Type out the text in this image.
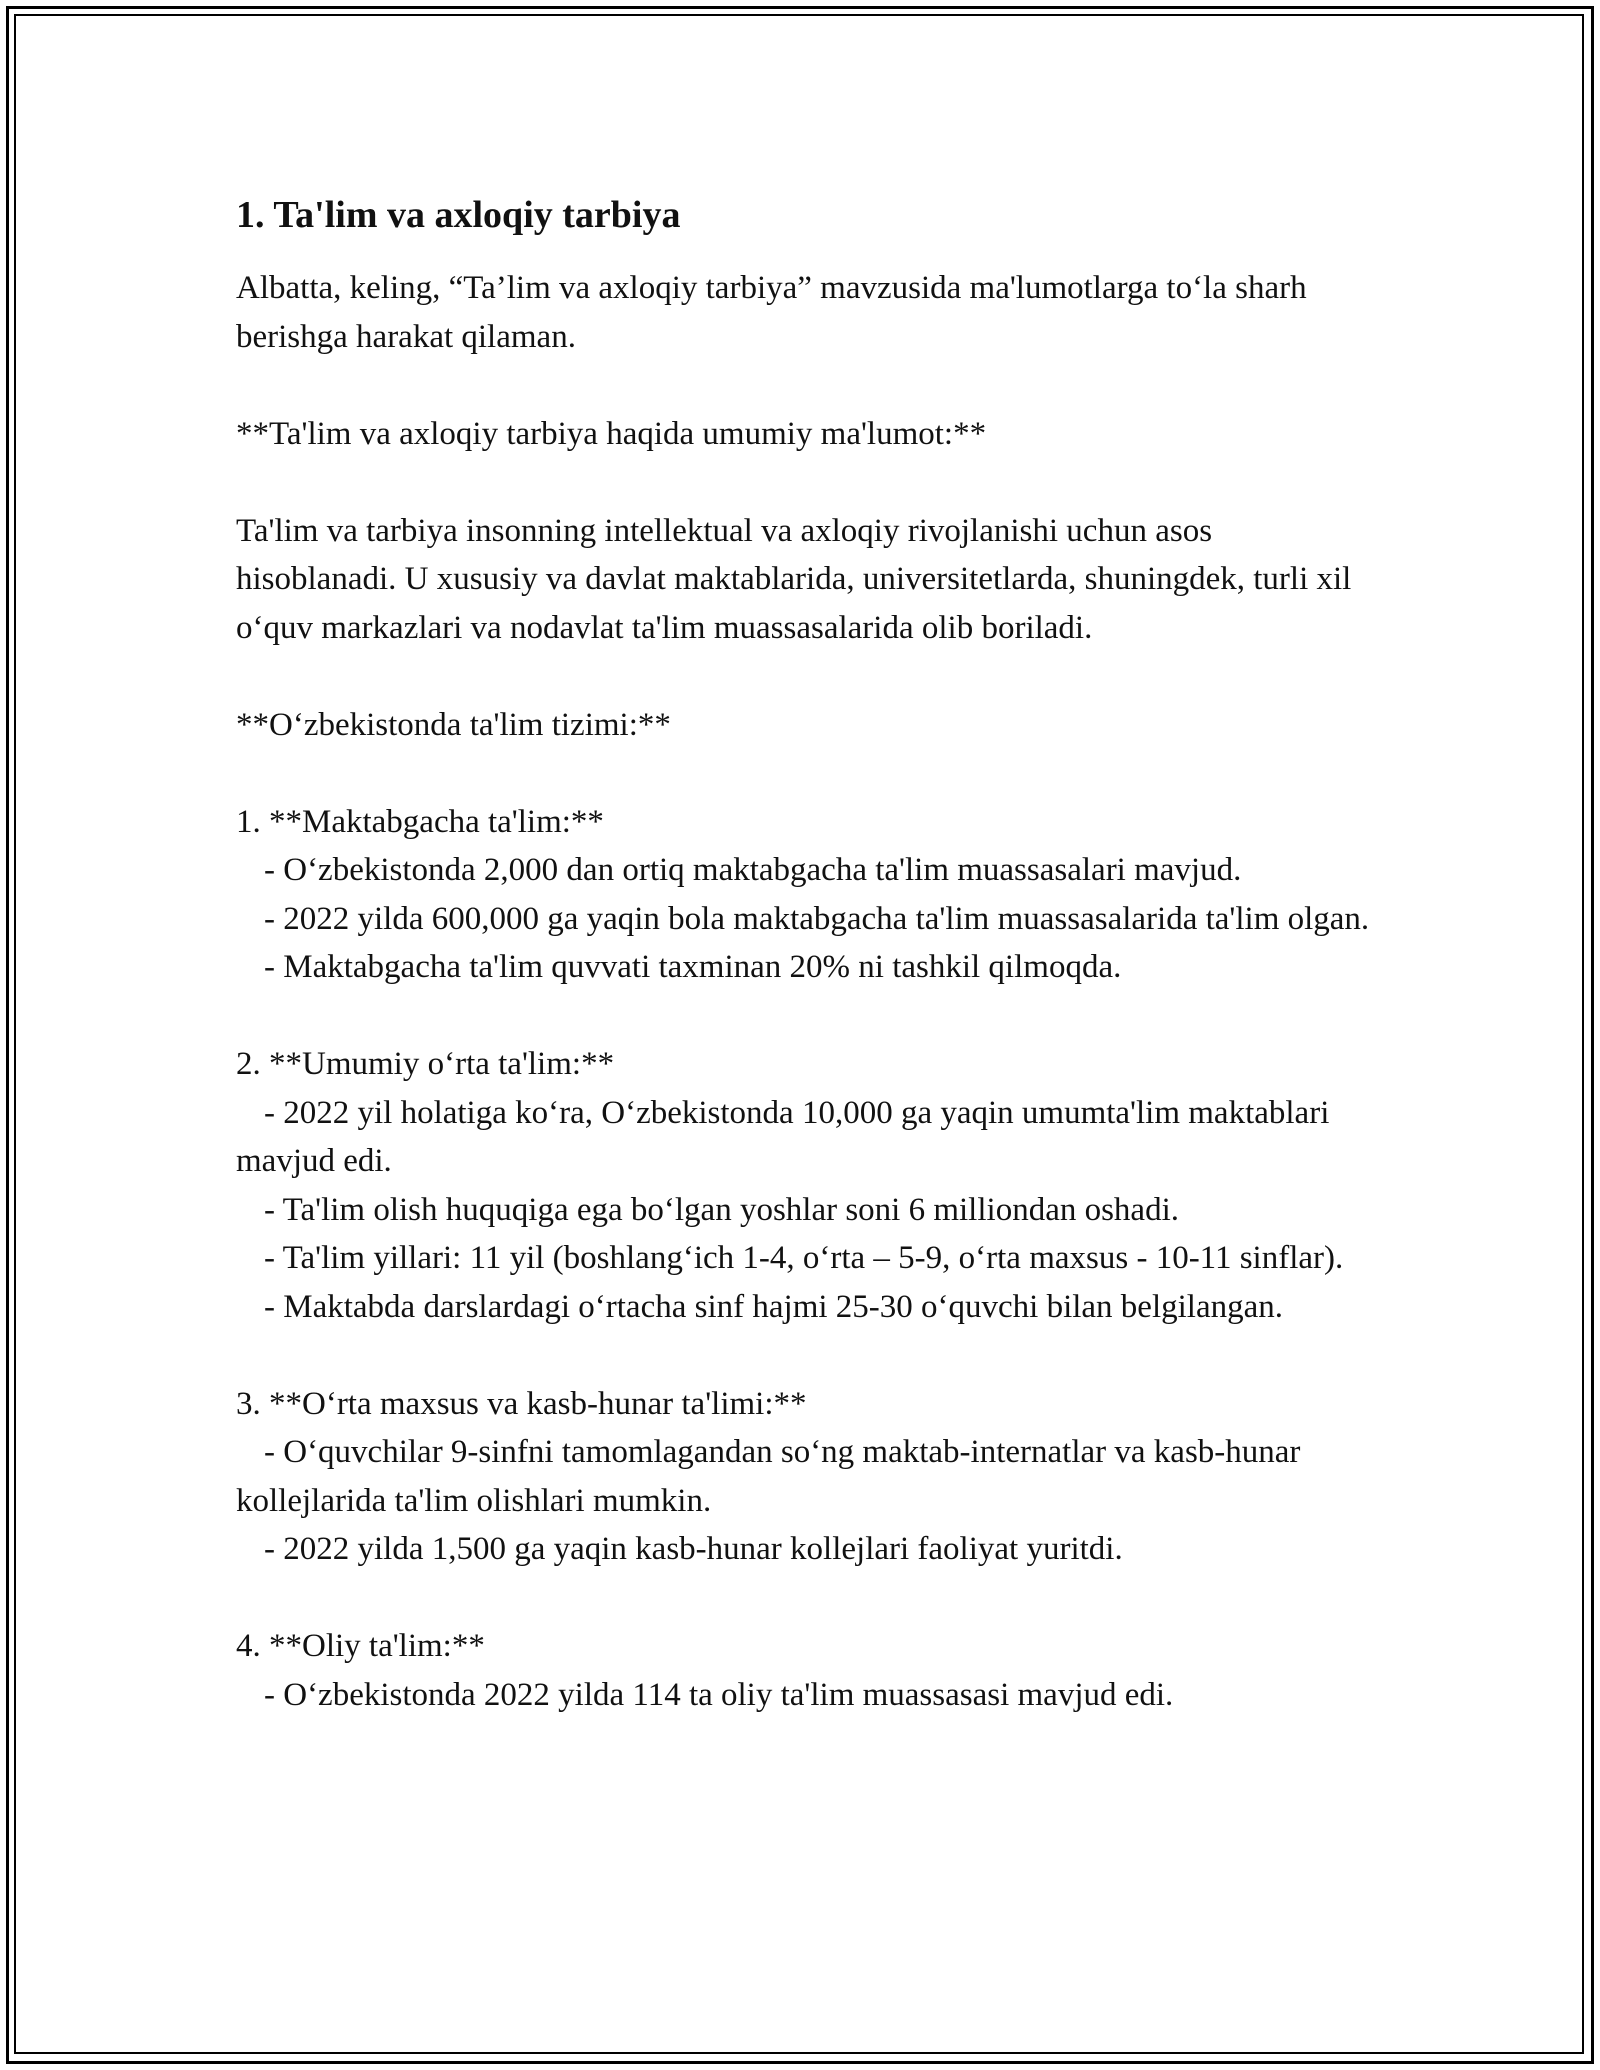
1. Ta'lim va axloqiy tarbiya

Albatta, keling, “Ta’lim va axloqiy tarbiya” mavzusida ma'lumotlarga to‘la sharh berishga harakat qilaman.

**Ta'lim va axloqiy tarbiya haqida umumiy ma'lumot:**

Ta'lim va tarbiya insonning intellektual va axloqiy rivojlanishi uchun asos hisoblanadi. U xususiy va davlat maktablarida, universitetlarda, shuningdek, turli xil o‘quv markazlari va nodavlat ta'lim muassasalarida olib boriladi.

**O‘zbekistonda ta'lim tizimi:**

1. **Maktabgacha ta'lim:**

- O‘zbekistonda 2,000 dan ortiq maktabgacha ta'lim muassasalari mavjud.

- 2022 yilda 600,000 ga yaqin bola maktabgacha ta'lim muassasalarida ta'lim olgan.

- Maktabgacha ta'lim quvvati taxminan 20% ni tashkil qilmoqda.

2. **Umumiy o‘rta ta'lim:**

- 2022 yil holatiga ko‘ra, O‘zbekistonda 10,000 ga yaqin umumta'lim maktablari mavjud edi.

- Ta'lim olish huquqiga ega bo‘lgan yoshlar soni 6 milliondan oshadi.

- Ta'lim yillari: 11 yil (boshlang‘ich 1-4, o‘rta – 5-9, o‘rta maxsus - 10-11 sinflar).

- Maktabda darslardagi o‘rtacha sinf hajmi 25-30 o‘quvchi bilan belgilangan.

3. **O‘rta maxsus va kasb-hunar ta'limi:**

- O‘quvchilar 9-sinfni tamomlagandan so‘ng maktab-internatlar va kasb-hunar kollejlarida ta'lim olishlari mumkin.

- 2022 yilda 1,500 ga yaqin kasb-hunar kollejlari faoliyat yuritdi.

4. **Oliy ta'lim:**

- O‘zbekistonda 2022 yilda 114 ta oliy ta'lim muassasasi mavjud edi.
